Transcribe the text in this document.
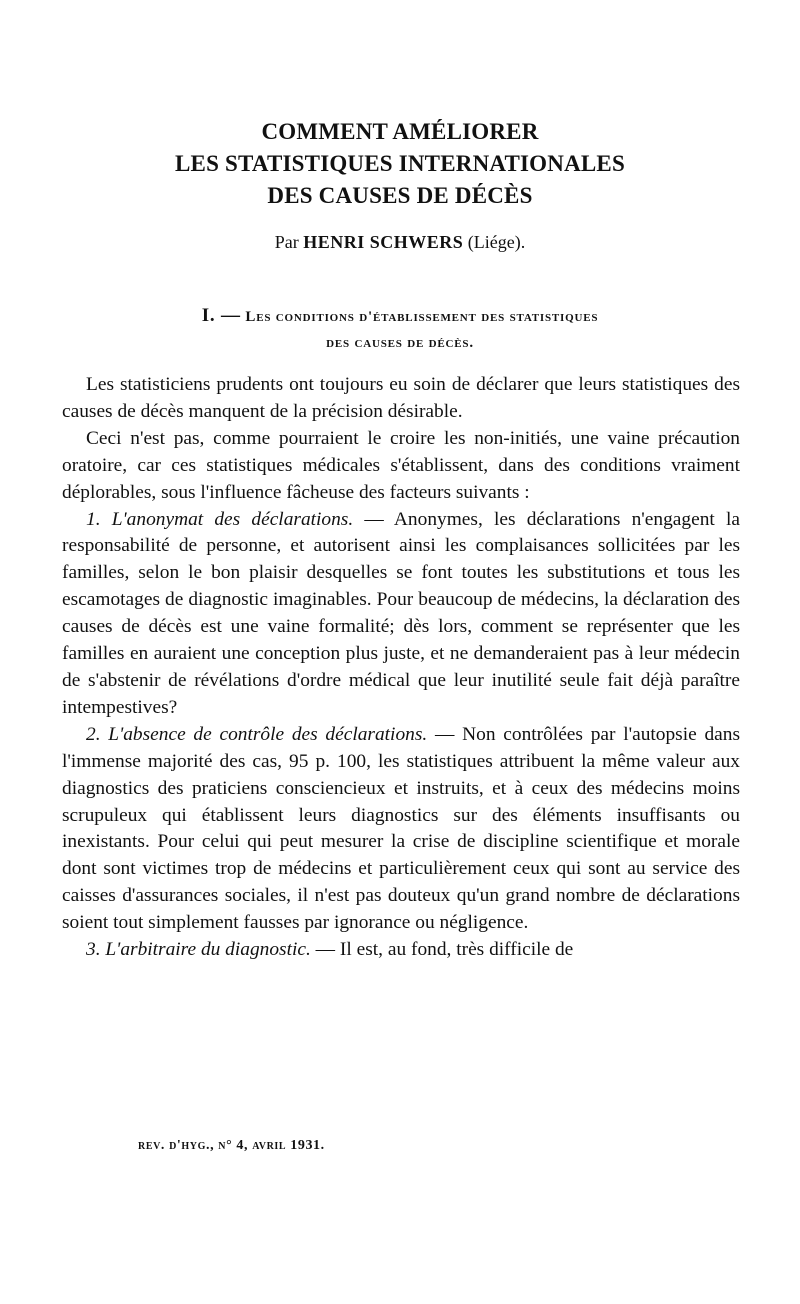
COMMENT AMÉLIORER
LES STATISTIQUES INTERNATIONALES
DES CAUSES DE DÉCÈS
Par HENRI SCHWERS (Liége).
I. — Les conditions d'établissement des statistiques
des causes de décès.

Les statisticiens prudents ont toujours eu soin de déclarer que leurs statistiques des causes de décès manquent de la précision désirable.

Ceci n'est pas, comme pourraient le croire les non-initiés, une vaine précaution oratoire, car ces statistiques médicales s'établissent, dans des conditions vraiment déplorables, sous l'influence fâcheuse des facteurs suivants :

1. L'anonymat des déclarations. — Anonymes, les déclarations n'engagent la responsabilité de personne, et autorisent ainsi les complaisances sollicitées par les familles, selon le bon plaisir desquelles se font toutes les substitutions et tous les escamotages de diagnostic imaginables. Pour beaucoup de médecins, la déclaration des causes de décès est une vaine formalité; dès lors, comment se représenter que les familles en auraient une conception plus juste, et ne demanderaient pas à leur médecin de s'abstenir de révélations d'ordre médical que leur inutilité seule fait déjà paraître intempestives?

2. L'absence de contrôle des déclarations. — Non contrôlées par l'autopsie dans l'immense majorité des cas, 95 p. 100, les statistiques attribuent la même valeur aux diagnostics des praticiens consciencieux et instruits, et à ceux des médecins moins scrupuleux qui établissent leurs diagnostics sur des éléments insuffisants ou inexistants. Pour celui qui peut mesurer la crise de discipline scientifique et morale dont sont victimes trop de médecins et particulièrement ceux qui sont au service des caisses d'assurances sociales, il n'est pas douteux qu'un grand nombre de déclarations soient tout simplement fausses par ignorance ou négligence.

3. L'arbitraire du diagnostic. — Il est, au fond, très difficile de

rev. d'hyg., n° 4, avril 1931.
